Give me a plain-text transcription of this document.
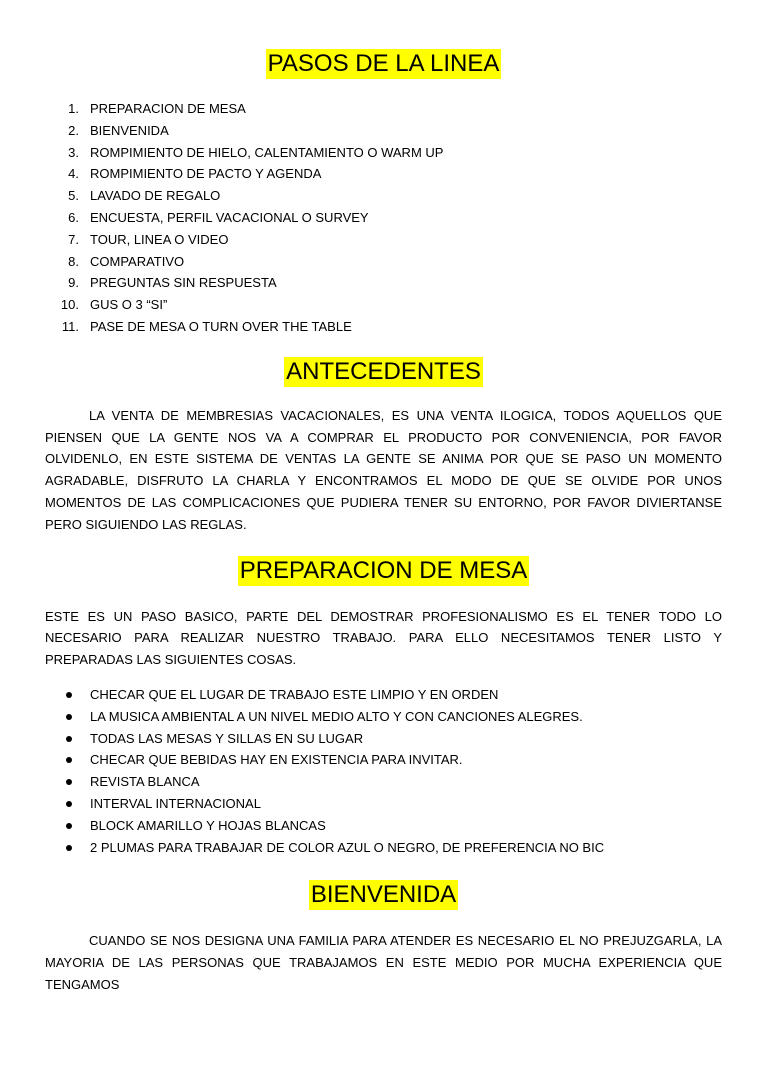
PASOS DE LA LINEA
1. PREPARACION DE MESA
2. BIENVENIDA
3. ROMPIMIENTO DE HIELO, CALENTAMIENTO O WARM UP
4. ROMPIMIENTO DE PACTO Y AGENDA
5. LAVADO DE REGALO
6. ENCUESTA, PERFIL VACACIONAL O SURVEY
7. TOUR, LINEA O VIDEO
8. COMPARATIVO
9. PREGUNTAS SIN RESPUESTA
10. GUS O 3 “SI”
11. PASE DE MESA O TURN OVER THE TABLE
ANTECEDENTES

LA VENTA DE MEMBRESIAS VACACIONALES, ES UNA VENTA ILOGICA, TODOS AQUELLOS QUE PIENSEN QUE LA GENTE NOS VA A COMPRAR EL PRODUCTO POR CONVENIENCIA, POR FAVOR OLVIDENLO, EN ESTE SISTEMA DE VENTAS LA GENTE SE ANIMA POR QUE SE PASO UN MOMENTO AGRADABLE, DISFRUTO LA CHARLA Y ENCONTRAMOS EL MODO DE QUE SE OLVIDE POR UNOS MOMENTOS DE LAS COMPLICACIONES QUE PUDIERA TENER SU ENTORNO, POR FAVOR DIVIERTANSE PERO SIGUIENDO LAS REGLAS.

PREPARACION DE MESA

ESTE ES UN PASO BASICO, PARTE DEL DEMOSTRAR PROFESIONALISMO ES EL TENER TODO LO NECESARIO PARA REALIZAR NUESTRO TRABAJO. PARA ELLO NECESITAMOS TENER LISTO Y PREPARADAS LAS SIGUIENTES COSAS.

CHECAR QUE EL LUGAR DE TRABAJO ESTE LIMPIO Y EN ORDEN
LA MUSICA AMBIENTAL A UN NIVEL MEDIO ALTO Y CON CANCIONES ALEGRES.
TODAS LAS MESAS Y SILLAS EN SU LUGAR
CHECAR QUE BEBIDAS HAY EN EXISTENCIA PARA INVITAR.
REVISTA BLANCA
INTERVAL INTERNACIONAL
BLOCK AMARILLO Y HOJAS BLANCAS
2 PLUMAS PARA TRABAJAR DE COLOR AZUL O NEGRO, DE PREFERENCIA NO BIC
BIENVENIDA

CUANDO SE NOS DESIGNA UNA FAMILIA PARA ATENDER ES NECESARIO EL NO PREJUZGARLA, LA MAYORIA DE LAS PERSONAS QUE TRABAJAMOS EN ESTE MEDIO POR MUCHA EXPERIENCIA QUE TENGAMOS
